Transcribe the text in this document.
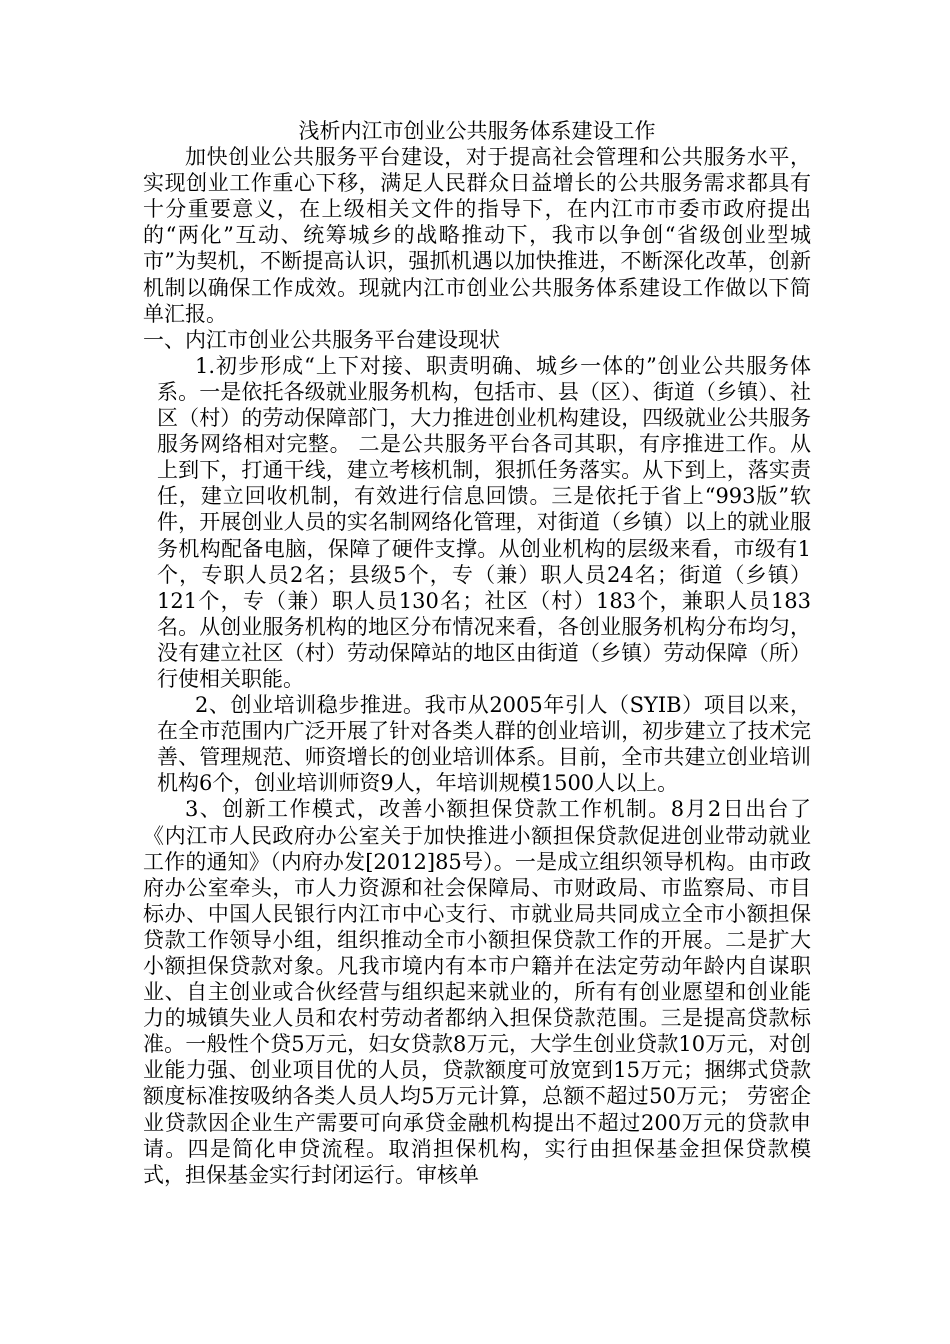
浅析内江市创业公共服务体系建设工作

加快创业公共服务平台建设，对于提高社会管理和公共服务水平，实现创业工作重心下移，满足人民群众日益增长的公共服务需求都具有十分重要意义，在上级相关文件的指导下，在内江市市委市政府提出的“两化”互动、统筹城乡的战略推动下，我市以争创“省级创业型城市”为契机，不断提高认识，强抓机遇以加快推进，不断深化改革，创新机制以确保工作成效。现就内江市创业公共服务体系建设工作做以下简单汇报。

一、内江市创业公共服务平台建设现状

1.初步形成“上下对接、职责明确、城乡一体的”创业公共服务体系。一是依托各级就业服务机构，包括市、县（区）、街道（乡镇）、社区（村）的劳动保障部门，大力推进创业机构建设，四级就业公共服务服务网络相对完整。 二是公共服务平台各司其职，有序推进工作。从上到下，打通干线，建立考核机制，狠抓任务落实。从下到上，落实责任，建立回收机制，有效进行信息回馈。三是依托于省上“993版”软件，开展创业人员的实名制网络化管理，对街道（乡镇）以上的就业服务机构配备电脑，保障了硬件支撑。从创业机构的层级来看，市级有1个，专职人员2名；县级5个，专（兼）职人员24名；街道（乡镇）121个，专（兼）职人员130名；社区（村）183个，兼职人员183名。从创业服务机构的地区分布情况来看，各创业服务机构分布均匀，没有建立社区（村）劳动保障站的地区由街道（乡镇）劳动保障（所）行使相关职能。

2、创业培训稳步推进。我市从2005年引人（SYIB）项目以来，在全市范围内广泛开展了针对各类人群的创业培训，初步建立了技术完善、管理规范、师资增长的创业培训体系。目前，全市共建立创业培训机构6个，创业培训师资9人，年培训规模1500人以上。

3、创新工作模式，改善小额担保贷款工作机制。8月2日出台了《内江市人民政府办公室关于加快推进小额担保贷款促进创业带动就业工作的通知》（内府办发[2012]85号）。一是成立组织领导机构。由市政府办公室牵头，市人力资源和社会保障局、市财政局、市监察局、市目标办、中国人民银行内江市中心支行、市就业局共同成立全市小额担保贷款工作领导小组，组织推动全市小额担保贷款工作的开展。二是扩大小额担保贷款对象。凡我市境内有本市户籍并在法定劳动年龄内自谋职业、自主创业或合伙经营与组织起来就业的，所有有创业愿望和创业能力的城镇失业人员和农村劳动者都纳入担保贷款范围。三是提高贷款标准。一般性个贷5万元，妇女贷款8万元，大学生创业贷款10万元，对创业能力强、创业项目优的人员，贷款额度可放宽到15万元；捆绑式贷款额度标准按吸纳各类人员人均5万元计算，总额不超过50万元； 劳密企业贷款因企业生产需要可向承贷金融机构提出不超过200万元的贷款申请。四是简化申贷流程。取消担保机构，实行由担保基金担保贷款模式，担保基金实行封闭运行。审核单
